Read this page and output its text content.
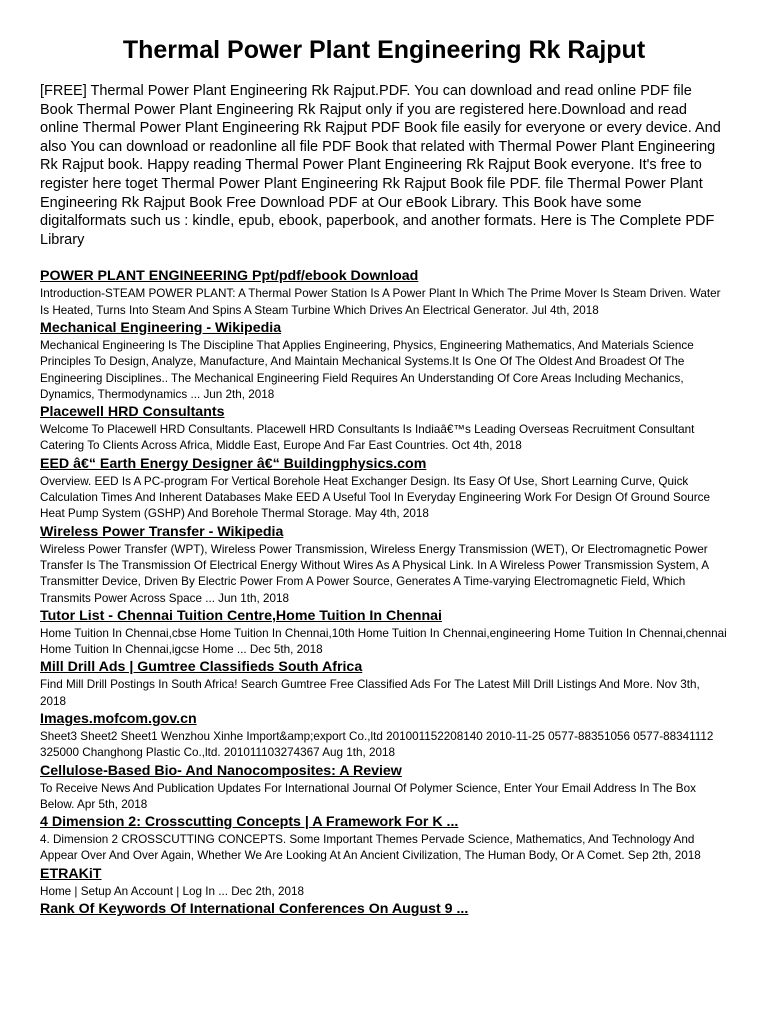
Thermal Power Plant Engineering Rk Rajput

[FREE] Thermal Power Plant Engineering Rk Rajput.PDF. You can download and read online PDF file Book Thermal Power Plant Engineering Rk Rajput only if you are registered here.Download and read online Thermal Power Plant Engineering Rk Rajput PDF Book file easily for everyone or every device. And also You can download or readonline all file PDF Book that related with Thermal Power Plant Engineering Rk Rajput book. Happy reading Thermal Power Plant Engineering Rk Rajput Book everyone. It's free to register here toget Thermal Power Plant Engineering Rk Rajput Book file PDF. file Thermal Power Plant Engineering Rk Rajput Book Free Download PDF at Our eBook Library. This Book have some digitalformats such us : kindle, epub, ebook, paperbook, and another formats. Here is The Complete PDF Library

POWER PLANT ENGINEERING Ppt/pdf/ebook Download

Introduction-STEAM POWER PLANT: A Thermal Power Station Is A Power Plant In Which The Prime Mover Is Steam Driven. Water Is Heated, Turns Into Steam And Spins A Steam Turbine Which Drives An Electrical Generator. Jul 4th, 2018

Mechanical Engineering - Wikipedia

Mechanical Engineering Is The Discipline That Applies Engineering, Physics, Engineering Mathematics, And Materials Science Principles To Design, Analyze, Manufacture, And Maintain Mechanical Systems.It Is One Of The Oldest And Broadest Of The Engineering Disciplines.. The Mechanical Engineering Field Requires An Understanding Of Core Areas Including Mechanics, Dynamics, Thermodynamics ... Jun 2th, 2018

Placewell HRD Consultants

Welcome To Placewell HRD Consultants. Placewell HRD Consultants Is Indiaâ€™s Leading Overseas Recruitment Consultant Catering To Clients Across Africa, Middle East, Europe And Far East Countries. Oct 4th, 2018

EED â€“ Earth Energy Designer â€“ Buildingphysics.com

Overview. EED Is A PC-program For Vertical Borehole Heat Exchanger Design. Its Easy Of Use, Short Learning Curve, Quick Calculation Times And Inherent Databases Make EED A Useful Tool In Everyday Engineering Work For Design Of Ground Source Heat Pump System (GSHP) And Borehole Thermal Storage. May 4th, 2018

Wireless Power Transfer - Wikipedia

Wireless Power Transfer (WPT), Wireless Power Transmission, Wireless Energy Transmission (WET), Or Electromagnetic Power Transfer Is The Transmission Of Electrical Energy Without Wires As A Physical Link. In A Wireless Power Transmission System, A Transmitter Device, Driven By Electric Power From A Power Source, Generates A Time-varying Electromagnetic Field, Which Transmits Power Across Space ... Jun 1th, 2018

Tutor List - Chennai Tuition Centre,Home Tuition In Chennai

Home Tuition In Chennai,cbse Home Tuition In Chennai,10th Home Tuition In Chennai,engineering Home Tuition In Chennai,chennai Home Tuition In Chennai,igcse Home ... Dec 5th, 2018

Mill Drill Ads | Gumtree Classifieds South Africa

Find Mill Drill Postings In South Africa! Search Gumtree Free Classified Ads For The Latest Mill Drill Listings And More. Nov 3th, 2018

Images.mofcom.gov.cn

Sheet3 Sheet2 Sheet1 Wenzhou Xinhe Import&amp;export Co.,ltd 201001152208140 2010-11-25 0577-88351056 0577-88341112 325000 Changhong Plastic Co.,ltd. 201011103274367 Aug 1th, 2018

Cellulose-Based Bio- And Nanocomposites: A Review

To Receive News And Publication Updates For International Journal Of Polymer Science, Enter Your Email Address In The Box Below. Apr 5th, 2018

4 Dimension 2: Crosscutting Concepts | A Framework For K ...

4. Dimension 2 CROSSCUTTING CONCEPTS. Some Important Themes Pervade Science, Mathematics, And Technology And Appear Over And Over Again, Whether We Are Looking At An Ancient Civilization, The Human Body, Or A Comet. Sep 2th, 2018

ETRAKiT

Home | Setup An Account | Log In ... Dec 2th, 2018

Rank Of Keywords Of International Conferences On August 9 ...
